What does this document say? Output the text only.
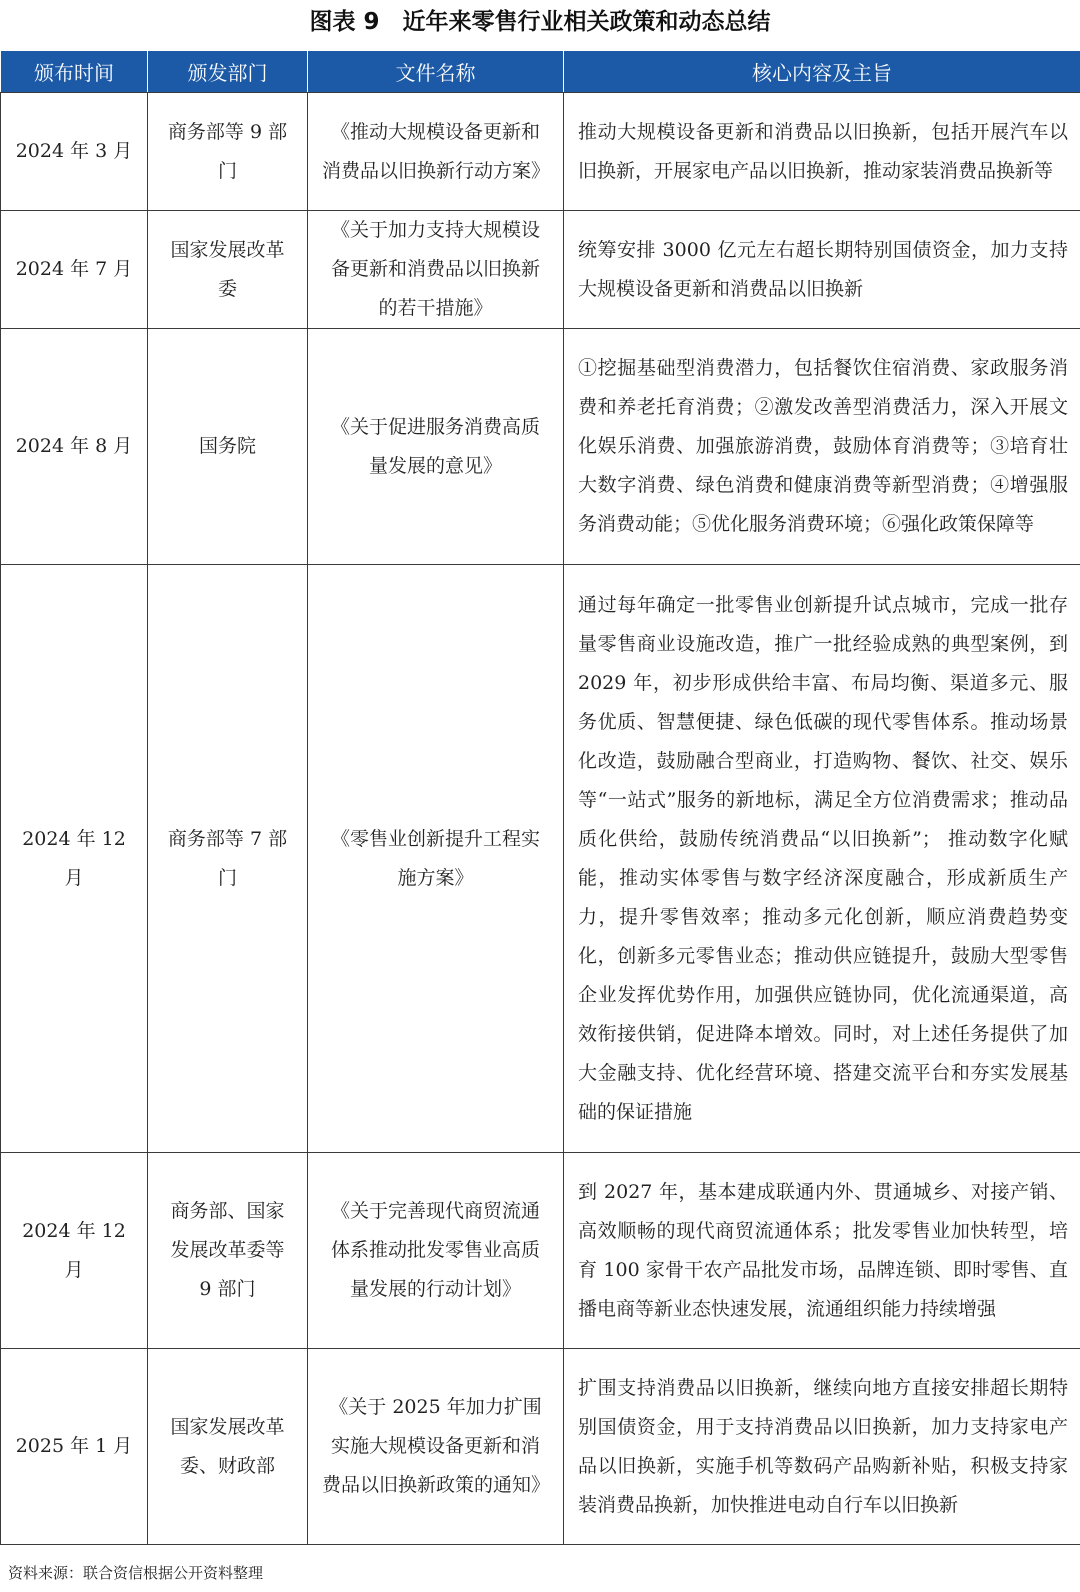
图表 9　近年来零售行业相关政策和动态总结
颁布时间	颁发部门	文件名称	核心内容及主旨
2024 年 3 月	商务部等 9 部门	《推动大规模设备更新和消费品以旧换新行动方案》	推动大规模设备更新和消费品以旧换新，包括开展汽车以旧换新，开展家电产品以旧换新，推动家装消费品换新等
2024 年 7 月	国家发展改革委	《关于加力支持大规模设备更新和消费品以旧换新的若干措施》	统筹安排 3000 亿元左右超长期特别国债资金，加力支持大规模设备更新和消费品以旧换新
2024 年 8 月	国务院	《关于促进服务消费高质量发展的意见》	①挖掘基础型消费潜力，包括餐饮住宿消费、家政服务消费和养老托育消费；②激发改善型消费活力，深入开展文化娱乐消费、加强旅游消费，鼓励体育消费等；③培育壮大数字消费、绿色消费和健康消费等新型消费；④增强服务消费动能；⑤优化服务消费环境；⑥强化政策保障等
2024 年 12 月	商务部等 7 部门	《零售业创新提升工程实施方案》	通过每年确定一批零售业创新提升试点城市，完成一批存量零售商业设施改造，推广一批经验成熟的典型案例，到 2029 年，初步形成供给丰富、布局均衡、渠道多元、服务优质、智慧便捷、绿色低碳的现代零售体系。推动场景化改造，鼓励融合型商业，打造购物、餐饮、社交、娱乐等“一站式”服务的新地标，满足全方位消费需求；推动品质化供给，鼓励传统消费品“以旧换新”； 推动数字化赋能，推动实体零售与数字经济深度融合，形成新质生产力，提升零售效率；推动多元化创新，顺应消费趋势变化，创新多元零售业态；推动供应链提升，鼓励大型零售企业发挥优势作用，加强供应链协同，优化流通渠道，高效衔接供销，促进降本增效。同时，对上述任务提供了加大金融支持、优化经营环境、搭建交流平台和夯实发展基础的保证措施
2024 年 12 月	商务部、国家发展改革委等 9 部门	《关于完善现代商贸流通体系推动批发零售业高质量发展的行动计划》	到 2027 年，基本建成联通内外、贯通城乡、对接产销、高效顺畅的现代商贸流通体系；批发零售业加快转型，培育 100 家骨干农产品批发市场，品牌连锁、即时零售、直播电商等新业态快速发展，流通组织能力持续增强
2025 年 1 月	国家发展改革委、财政部	《关于 2025 年加力扩围实施大规模设备更新和消费品以旧换新政策的通知》	扩围支持消费品以旧换新，继续向地方直接安排超长期特别国债资金，用于支持消费品以旧换新，加力支持家电产品以旧换新，实施手机等数码产品购新补贴，积极支持家装消费品换新，加快推进电动自行车以旧换新
资料来源：联合资信根据公开资料整理
